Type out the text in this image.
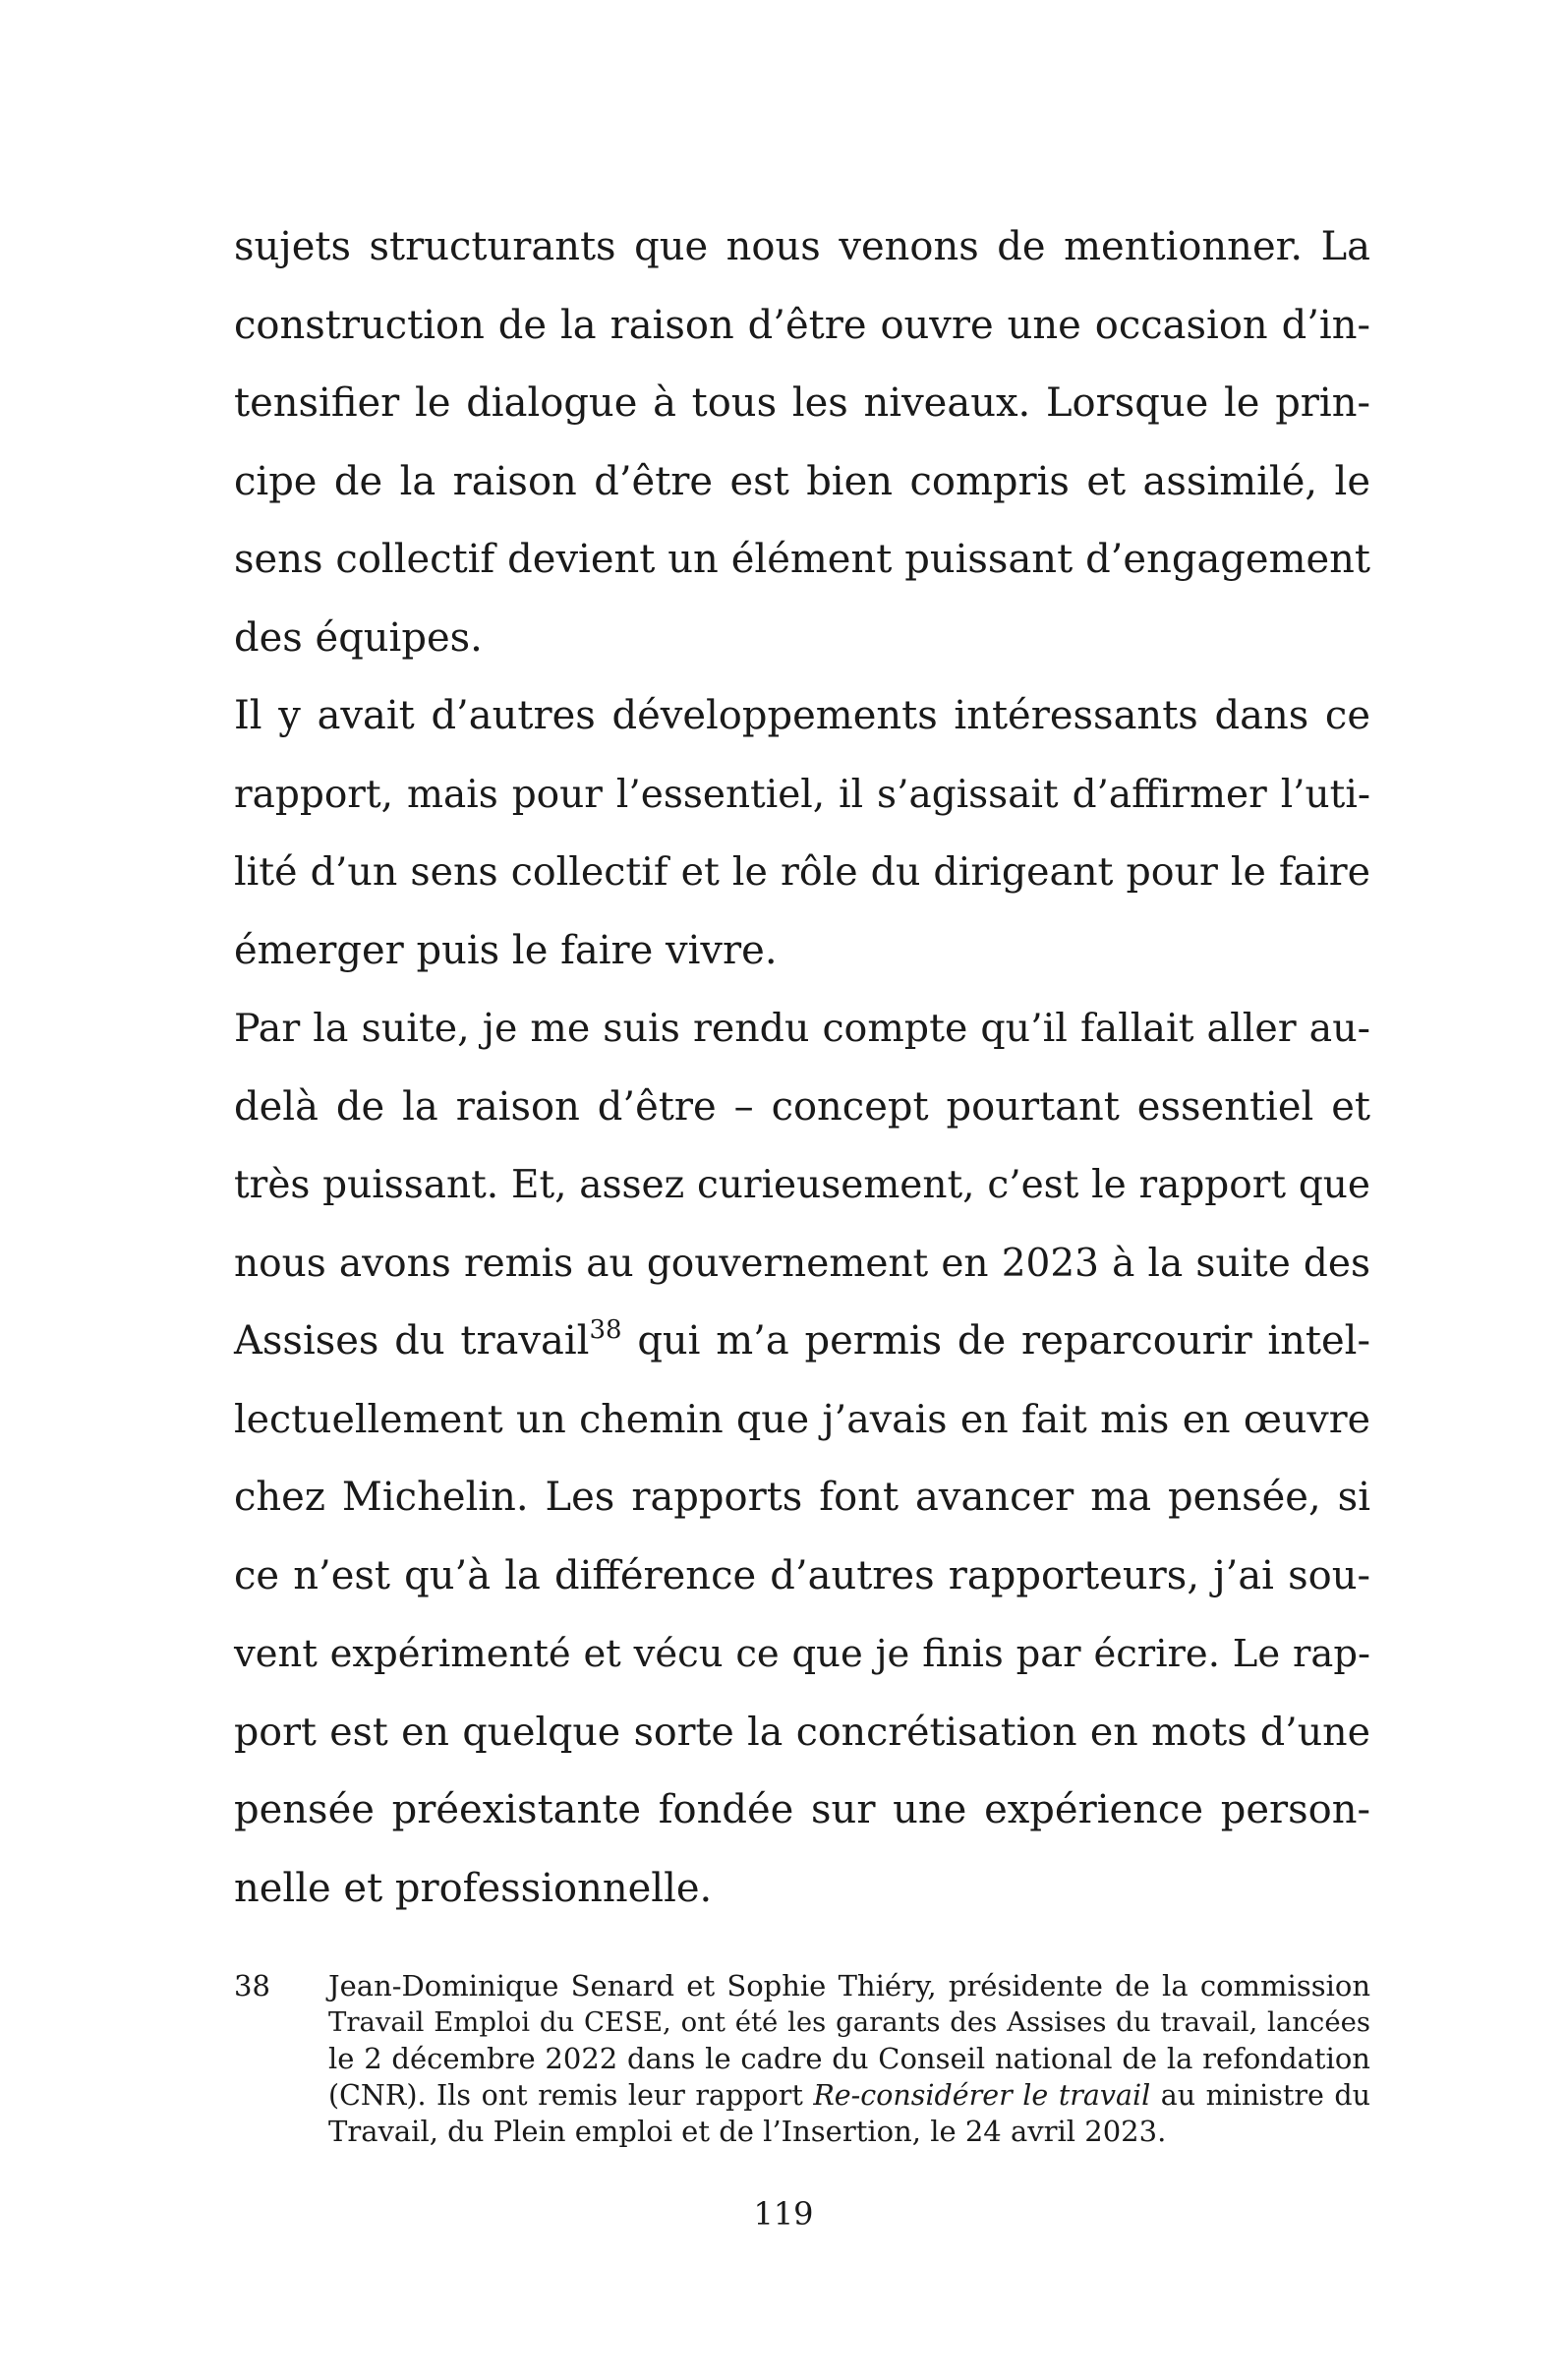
sujets structurants que nous venons de mentionner. La
construction de la raison d’être ouvre une occasion d’in-
tensifier le dialogue à tous les niveaux. Lorsque le prin-
cipe de la raison d’être est bien compris et assimilé, le
sens collectif devient un élément puissant d’engagement
des équipes.
Il y avait d’autres développements intéressants dans ce
rapport, mais pour l’essentiel, il s’agissait d’affirmer l’uti-
lité d’un sens collectif et le rôle du dirigeant pour le faire
émerger puis le faire vivre.
Par la suite, je me suis rendu compte qu’il fallait aller au-
delà de la raison d’être – concept pourtant essentiel et
très puissant. Et, assez curieusement, c’est le rapport que
nous avons remis au gouvernement en 2023 à la suite des
Assises du travail$^{38}$ qui m’a permis de reparcourir intel-
lectuellement un chemin que j’avais en fait mis en œuvre
chez Michelin. Les rapports font avancer ma pensée, si
ce n’est qu’à la différence d’autres rapporteurs, j’ai sou-
vent expérimenté et vécu ce que je finis par écrire. Le rap-
port est en quelque sorte la concrétisation en mots d’une
pensée préexistante fondée sur une expérience person-
nelle et professionnelle.
38 Jean-Dominique Senard et Sophie Thiéry, présidente de la commission
Travail Emploi du CESE, ont été les garants des Assises du travail, lancées
le 2 décembre 2022 dans le cadre du Conseil national de la refondation
(CNR). Ils ont remis leur rapport Re-considérer le travail au ministre du
Travail, du Plein emploi et de l’Insertion, le 24 avril 2023.
119
